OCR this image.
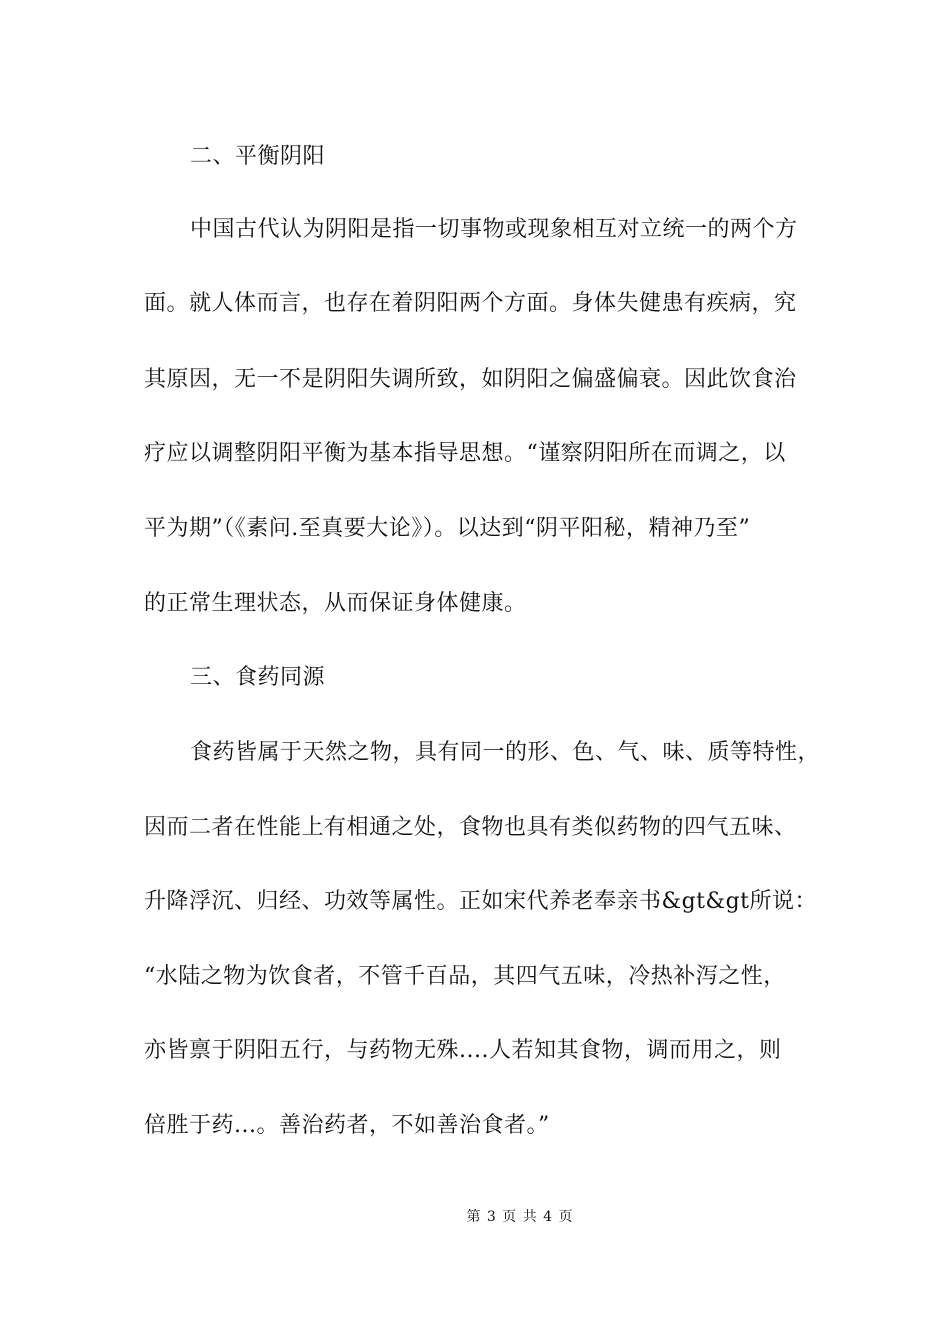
二、平衡阴阳
中国古代认为阴阳是指一切事物或现象相互对立统一的两个方
面。就人体而言，也存在着阴阳两个方面。身体失健患有疾病，究
其原因，无一不是阴阳失调所致，如阴阳之偏盛偏衰。因此饮食治
疗应以调整阴阳平衡为基本指导思想。“谨察阴阳所在而调之，以
平为期”（《素问.至真要大论》）。以达到“阴平阳秘，精神乃至”
的正常生理状态，从而保证身体健康。
三、食药同源
食药皆属于天然之物，具有同一的形、色、气、味、质等特性，
因而二者在性能上有相通之处，食物也具有类似药物的四气五味、
升降浮沉、归经、功效等属性。正如宋代养老奉亲书&gt&gt所说：
“水陆之物为饮食者，不管千百品，其四气五味，冷热补泻之性，
亦皆禀于阴阳五行，与药物无殊....人若知其食物，调而用之，则
倍胜于药...。善治药者，不如善治食者。”
第 3 页 共 4 页
